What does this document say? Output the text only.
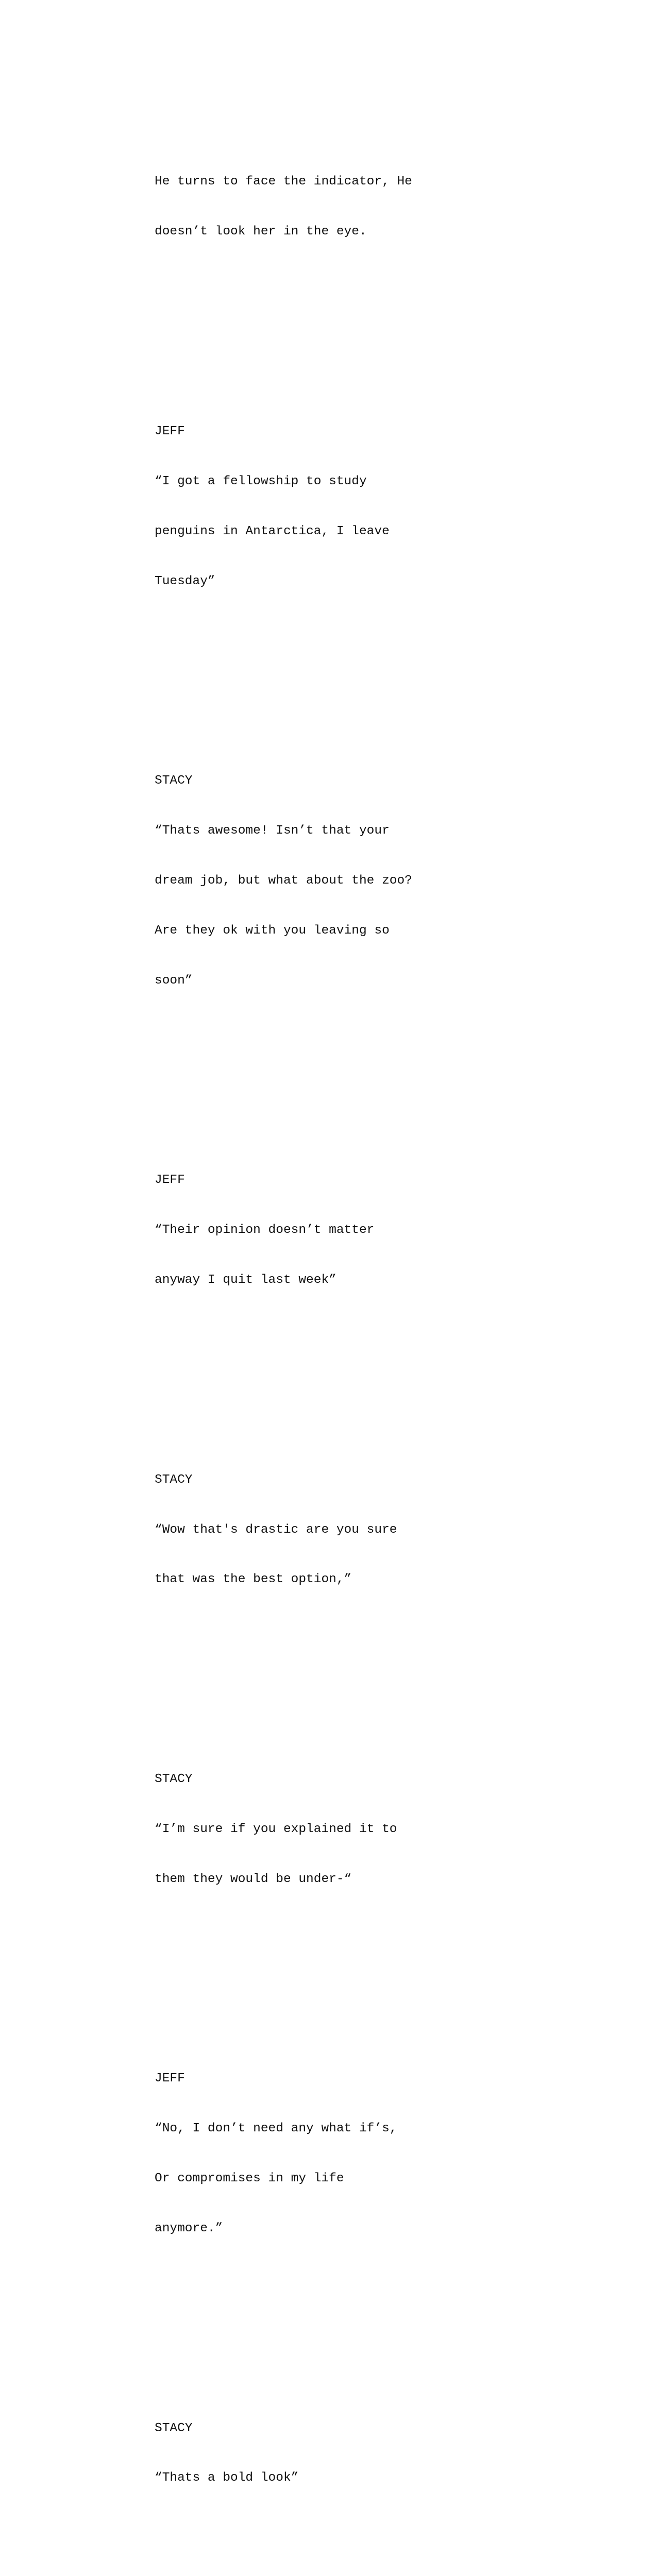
He turns to face the indicator, He

doesn’t look her in the eye.

JEFF

“I got a fellowship to study

penguins in Antarctica, I leave

Tuesday”

STACY

“Thats awesome! Isn’t that your

dream job, but what about the zoo?

Are they ok with you leaving so

soon”

JEFF

“Their opinion doesn’t matter

anyway I quit last week”

STACY

“Wow that's drastic are you sure

that was the best option,”

STACY

“I’m sure if you explained it to

them they would be under-“

JEFF

“No, I don’t need any what if’s,

Or compromises in my life

anymore.”

STACY

“Thats a bold look”
